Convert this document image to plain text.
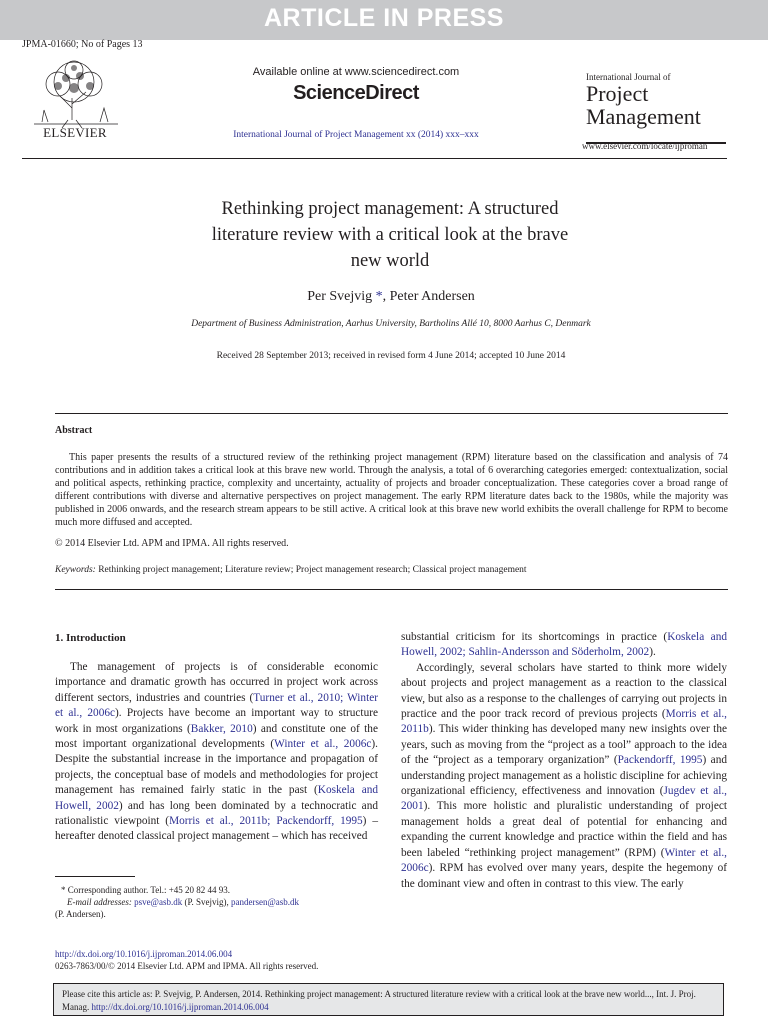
ARTICLE IN PRESS
JPMA-01660; No of Pages 13
ELSEVIER
Available online at www.sciencedirect.com
ScienceDirect
International Journal of Project Management xx (2014) xxx–xxx
International Journal of
Project
Management
www.elsevier.com/locate/ijproman
Rethinking project management: A structured
literature review with a critical look at the brave
new world
Per Svejvig *, Peter Andersen
Department of Business Administration, Aarhus University, Bartholins Allé 10, 8000 Aarhus C, Denmark
Received 28 September 2013; received in revised form 4 June 2014; accepted 10 June 2014
Abstract
This paper presents the results of a structured review of the rethinking project management (RPM) literature based on the classification and analysis of 74 contributions and in addition takes a critical look at this brave new world. Through the analysis, a total of 6 overarching categories emerged: contextualization, social and political aspects, rethinking practice, complexity and uncertainty, actuality of projects and broader conceptualization. These categories cover a broad range of different contributions with diverse and alternative perspectives on project management. The early RPM literature dates back to the 1980s, while the majority was published in 2006 onwards, and the research stream appears to be still active. A critical look at this brave new world exhibits the overall challenge for RPM to become much more diffused and accepted.
© 2014 Elsevier Ltd. APM and IPMA. All rights reserved.
Keywords: Rethinking project management; Literature review; Project management research; Classical project management
1. Introduction
The management of projects is of considerable economic importance and dramatic growth has occurred in project work across different sectors, industries and countries (Turner et al., 2010; Winter et al., 2006c). Projects have become an important way to structure work in most organizations (Bakker, 2010) and constitute one of the most important organizational developments (Winter et al., 2006c). Despite the substantial increase in the importance and propagation of projects, the conceptual base of models and methodologies for project management has remained fairly static in the past (Koskela and Howell, 2002) and has long been dominated by a technocratic and rationalistic viewpoint (Morris et al., 2011b; Packendorff, 1995) – hereafter denoted classical project management – which has received
substantial criticism for its shortcomings in practice (Koskela and Howell, 2002; Sahlin-Andersson and Söderholm, 2002).
Accordingly, several scholars have started to think more widely about projects and project management as a reaction to the classical view, but also as a response to the challenges of carrying out projects in practice and the poor track record of previous projects (Morris et al., 2011b). This wider thinking has developed many new insights over the years, such as moving from the “project as a tool” approach to the idea of the “project as a temporary organization” (Packendorff, 1995) and understanding project management as a holistic discipline for achieving organizational efficiency, effectiveness and innovation (Jugdev et al., 2001). This more holistic and pluralistic understanding of project management holds a great deal of potential for enhancing and expanding the current knowledge and practice within the field and has been labeled “rethinking project management” (RPM) (Winter et al., 2006c). RPM has evolved over many years, despite the hegemony of the dominant view and often in contrast to this view. The early
* Corresponding author. Tel.: +45 20 82 44 93.
E-mail addresses: psve@asb.dk (P. Svejvig), pandersen@asb.dk
(P. Andersen).
http://dx.doi.org/10.1016/j.ijproman.2014.06.004
0263-7863/00/© 2014 Elsevier Ltd. APM and IPMA. All rights reserved.
Please cite this article as: P. Svejvig, P. Andersen, 2014. Rethinking project management: A structured literature review with a critical look at the brave new world..., Int. J. Proj. Manag. http://dx.doi.org/10.1016/j.ijproman.2014.06.004
